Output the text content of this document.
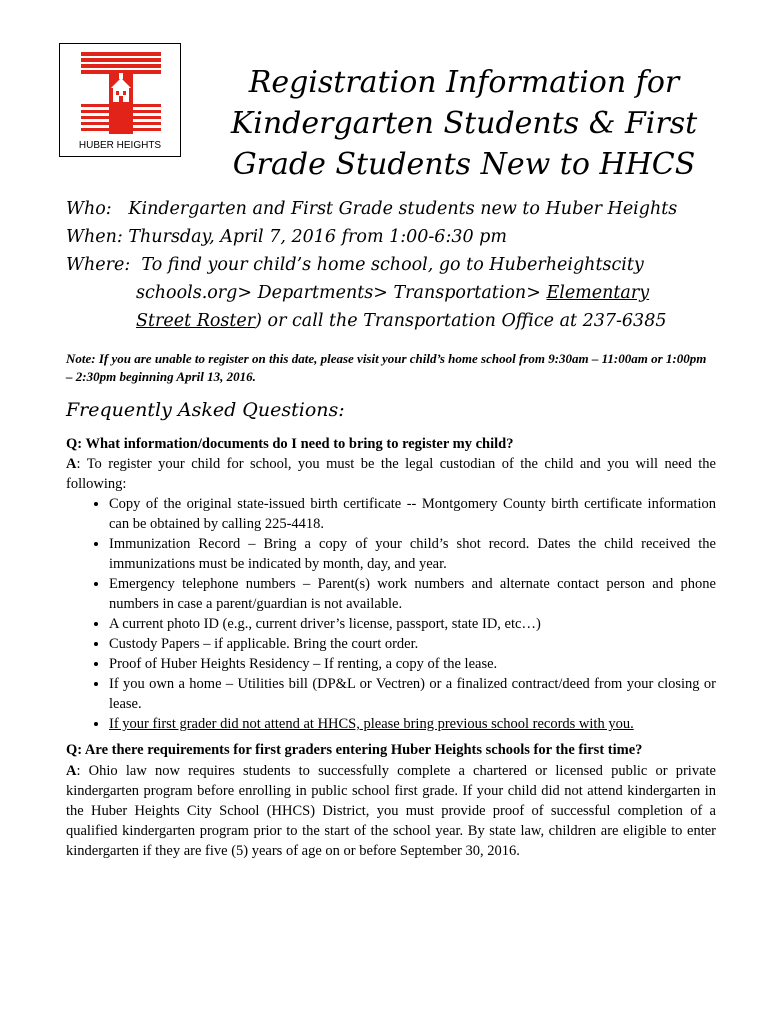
HUBER HEIGHTS
Registration Information for
Kindergarten Students & First
Grade Students New to HHCS
Who: Kindergarten and First Grade students new to Huber Heights
When: Thursday, April 7, 2016 from 1:00-6:30 pm
Where: To find your child’s home school, go to Huberheightscity
schools.org> Departments> Transportation> Elementary
Street Roster) or call the Transportation Office at 237-6385
Note: If you are unable to register on this date, please visit your child’s home school from 9:30am – 11:00am or 1:00pm – 2:30pm beginning April 13, 2016.
Frequently Asked Questions:

Q: What information/documents do I need to bring to register my child?

A: To register your child for school, you must be the legal custodian of the child and you will need the following:

• Copy of the original state-issued birth certificate -- Montgomery County birth certificate information can be obtained by calling 225-4418.
• Immunization Record – Bring a copy of your child’s shot record. Dates the child received the immunizations must be indicated by month, day, and year.
• Emergency telephone numbers – Parent(s) work numbers and alternate contact person and phone numbers in case a parent/guardian is not available.
• A current photo ID (e.g., current driver’s license, passport, state ID, etc…)
• Custody Papers – if applicable. Bring the court order.
• Proof of Huber Heights Residency – If renting, a copy of the lease.
• If you own a home – Utilities bill (DP&L or Vectren) or a finalized contract/deed from your closing or lease.
• If your first grader did not attend at HHCS, please bring previous school records with you.

Q: Are there requirements for first graders entering Huber Heights schools for the first time?

A: Ohio law now requires students to successfully complete a chartered or licensed public or private kindergarten program before enrolling in public school first grade. If your child did not attend kindergarten in the Huber Heights City School (HHCS) District, you must provide proof of successful completion of a qualified kindergarten program prior to the start of the school year. By state law, children are eligible to enter kindergarten if they are five (5) years of age on or before September 30, 2016.
